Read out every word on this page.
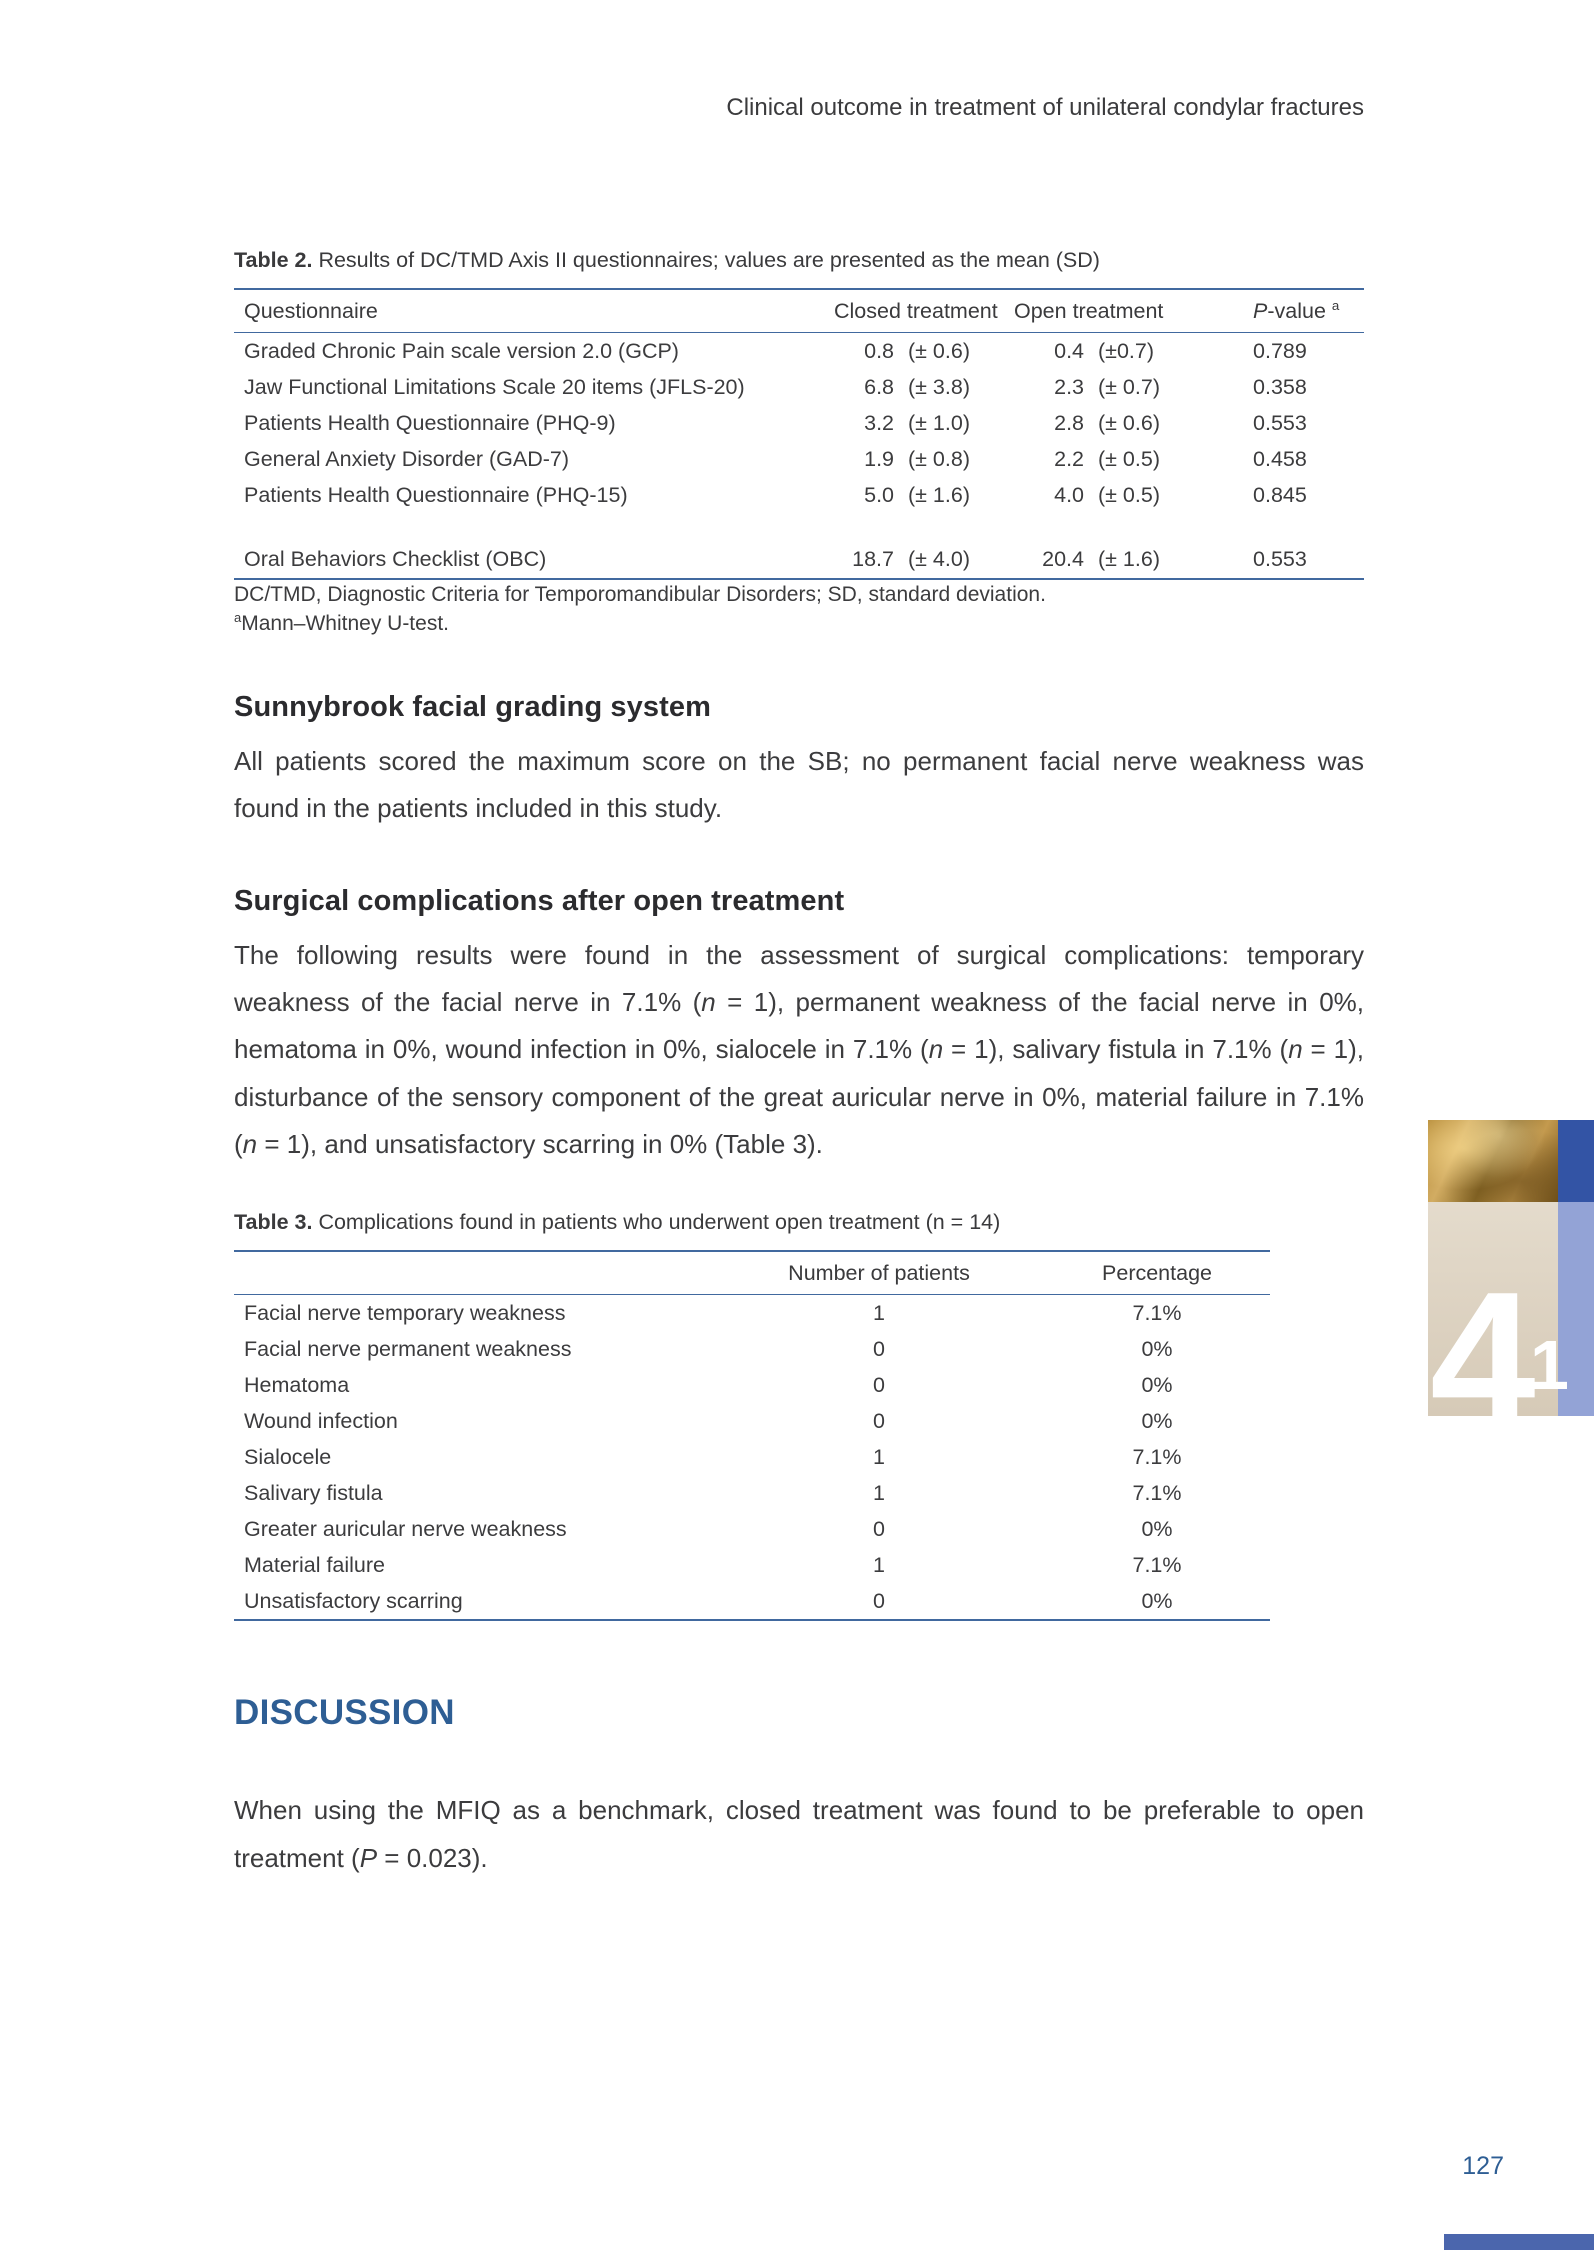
Clinical outcome in treatment of unilateral condylar fractures

Table 2. Results of DC/TMD Axis II questionnaires; values are presented as the mean (SD)

Questionnaire	Closed treatment		Open treatment		P-value $^a$
Graded Chronic Pain scale version 2.0 (GCP)	0.8	(± 0.6)	0.4	(±0.7)	0.789
Jaw Functional Limitations Scale 20 items (JFLS-20)	6.8	(± 3.8)	2.3	(± 0.7)	0.358
Patients Health Questionnaire (PHQ-9)	3.2	(± 1.0)	2.8	(± 0.6)	0.553
General Anxiety Disorder (GAD-7)	1.9	(± 0.8)	2.2	(± 0.5)	0.458
Patients Health Questionnaire (PHQ-15)	5.0	(± 1.6)	4.0	(± 0.5)	0.845
Oral Behaviors Checklist (OBC)	18.7	(± 4.0)	20.4	(± 1.6)	0.553

DC/TMD, Diagnostic Criteria for Temporomandibular Disorders; SD, standard deviation.

$^a$Mann–Whitney U-test.

Sunnybrook facial grading system

All patients scored the maximum score on the SB; no permanent facial nerve weakness was found in the patients included in this study.

Surgical complications after open treatment

The following results were found in the assessment of surgical complications: temporary weakness of the facial nerve in 7.1% (n = 1), permanent weakness of the facial nerve in 0%, hematoma in 0%, wound infection in 0%, sialocele in 7.1% (n = 1), salivary fistula in 7.1% (n = 1), disturbance of the sensory component of the great auricular nerve in 0%, material failure in 7.1% (n = 1), and unsatisfactory scarring in 0% (Table 3).

Table 3. Complications found in patients who underwent open treatment (n = 14)

	Number of patients	Percentage
Facial nerve temporary weakness	1	7.1%
Facial nerve permanent weakness	0	0%
Hematoma	0	0%
Wound infection	0	0%
Sialocele	1	7.1%
Salivary fistula	1	7.1%
Greater auricular nerve weakness	0	0%
Material failure	1	7.1%
Unsatisfactory scarring	0	0%
DISCUSSION

When using the MFIQ as a benchmark, closed treatment was found to be preferable to open treatment (P = 0.023).

4
1
127
